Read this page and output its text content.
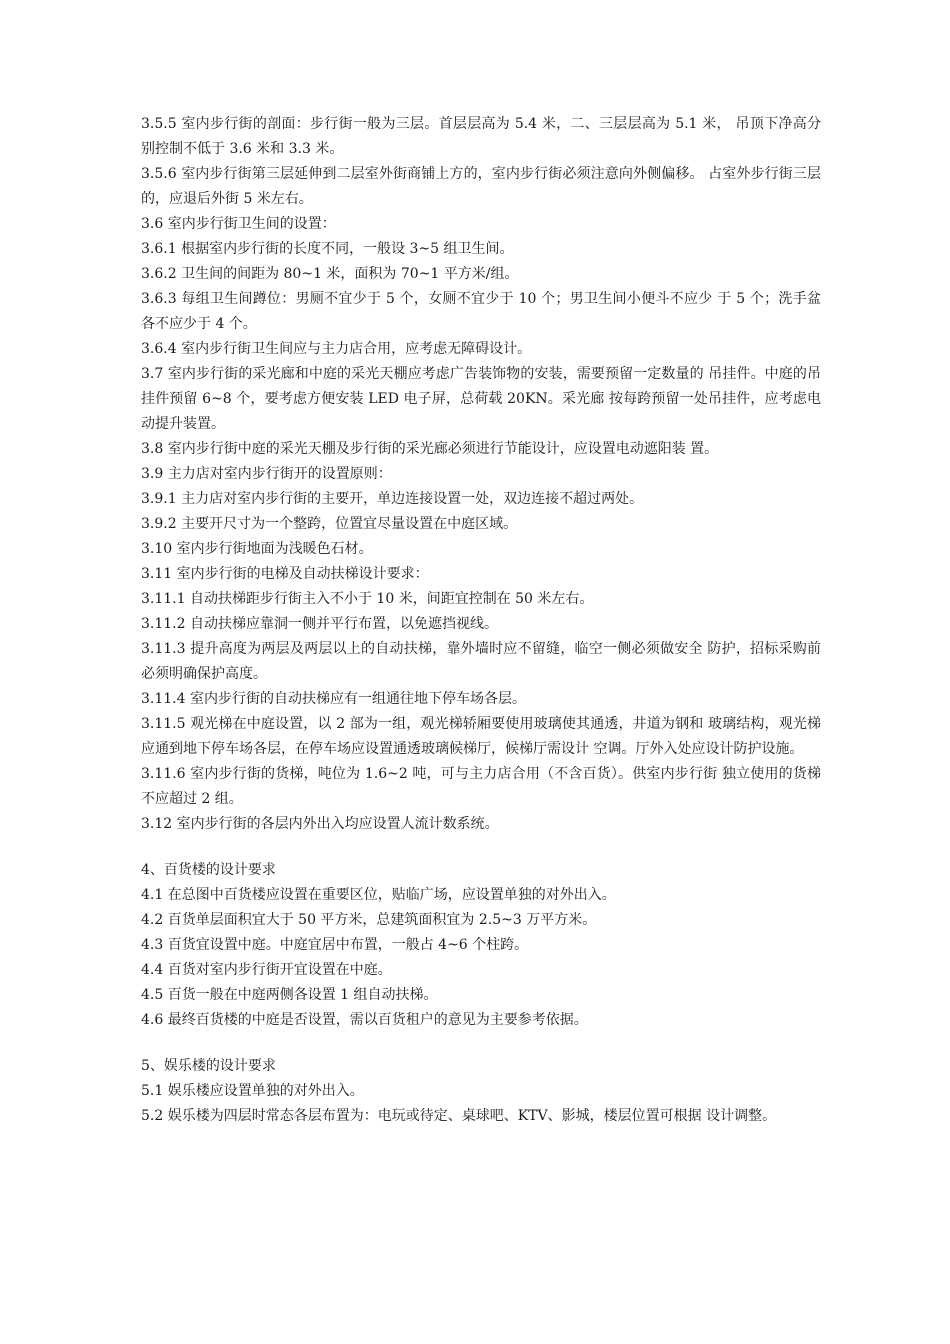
3.5.5 室内步行街的剖面：步行街一般为三层。首层层高为 5.4 米，二、三层层高为 5.1 米， 吊顶下净高分别控制不低于 3.6 米和 3.3 米。

3.5.6 室内步行街第三层延伸到二层室外街商铺上方的，室内步行街必须注意向外侧偏移。 占室外步行街三层的，应退后外街 5 米左右。

3.6 室内步行街卫生间的设置：

3.6.1 根据室内步行街的长度不同，一般设 3~5 组卫生间。

3.6.2 卫生间的间距为 80~1 米，面积为 70~1 平方米/组。

3.6.3 每组卫生间蹲位：男厕不宜少于 5 个，女厕不宜少于 10 个；男卫生间小便斗不应少 于 5 个；洗手盆各不应少于 4 个。

3.6.4 室内步行街卫生间应与主力店合用，应考虑无障碍设计。

3.7 室内步行街的采光廊和中庭的采光天棚应考虑广告装饰物的安装，需要预留一定数量的 吊挂件。中庭的吊挂件预留 6~8 个，要考虑方便安装 LED 电子屏，总荷载 20KN。采光廊 按每跨预留一处吊挂件，应考虑电动提升装置。

3.8 室内步行街中庭的采光天棚及步行街的采光廊必须进行节能设计，应设置电动遮阳装 置。

3.9 主力店对室内步行街开的设置原则：

3.9.1 主力店对室内步行街的主要开，单边连接设置一处，双边连接不超过两处。

3.9.2 主要开尺寸为一个整跨，位置宜尽量设置在中庭区域。

3.10 室内步行街地面为浅暖色石材。

3.11 室内步行街的电梯及自动扶梯设计要求：

3.11.1 自动扶梯距步行街主入不小于 10 米，间距宜控制在 50 米左右。

3.11.2 自动扶梯应靠洞一侧并平行布置，以免遮挡视线。

3.11.3 提升高度为两层及两层以上的自动扶梯，靠外墙时应不留缝，临空一侧必须做安全 防护，招标采购前必须明确保护高度。

3.11.4 室内步行街的自动扶梯应有一组通往地下停车场各层。

3.11.5 观光梯在中庭设置，以 2 部为一组，观光梯轿厢要使用玻璃使其通透，井道为钢和 玻璃结构，观光梯应通到地下停车场各层，在停车场应设置通透玻璃候梯厅，候梯厅需设计 空调。厅外入处应设计防护设施。

3.11.6 室内步行街的货梯，吨位为 1.6~2 吨，可与主力店合用（不含百货）。供室内步行街 独立使用的货梯不应超过 2 组。

3.12 室内步行街的各层内外出入均应设置人流计数系统。

4、百货楼的设计要求

4.1 在总图中百货楼应设置在重要区位，贴临广场，应设置单独的对外出入。

4.2 百货单层面积宜大于 50 平方米，总建筑面积宜为 2.5~3 万平方米。

4.3 百货宜设置中庭。中庭宜居中布置，一般占 4~6 个柱跨。

4.4 百货对室内步行街开宜设置在中庭。

4.5 百货一般在中庭两侧各设置 1 组自动扶梯。

4.6 最终百货楼的中庭是否设置，需以百货租户的意见为主要参考依据。

5、娱乐楼的设计要求

5.1 娱乐楼应设置单独的对外出入。

5.2 娱乐楼为四层时常态各层布置为：电玩或待定、桌球吧、KTV、影城，楼层位置可根据 设计调整。
